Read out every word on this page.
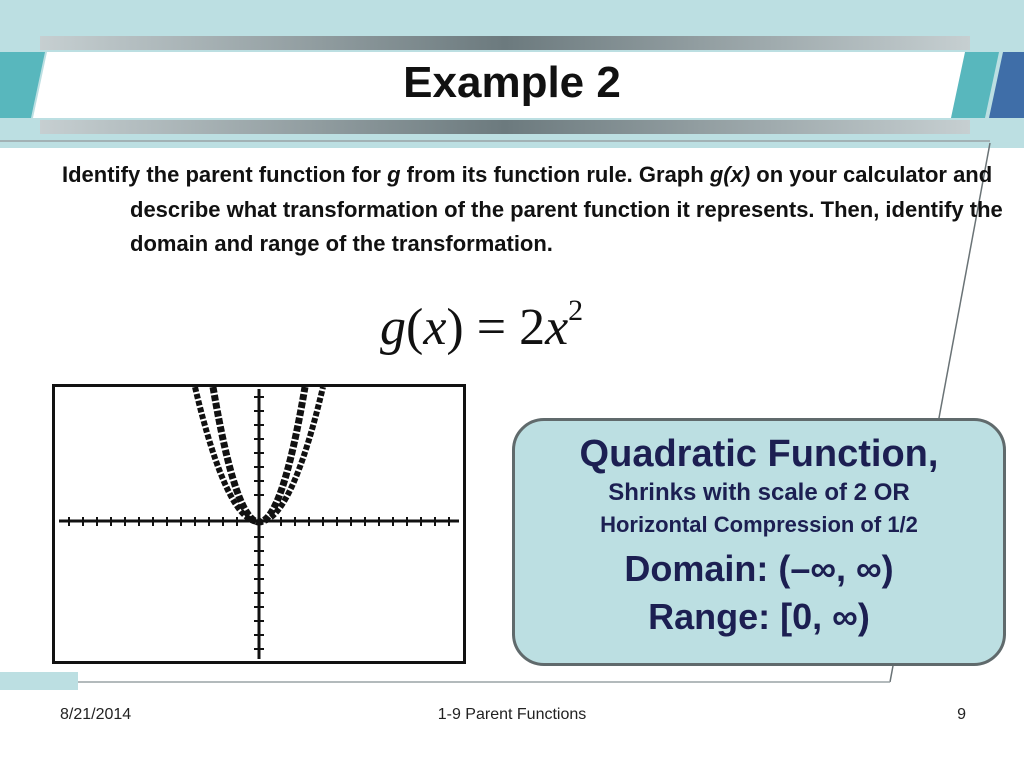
Example 2
Identify the parent function for g from its function rule. Graph g(x) on your calculator and describe what transformation of the parent function it represents. Then, identify the domain and range of the transformation.
$g(x) = 2x^2$
Quadratic Function,
Shrinks with scale of 2 OR
Horizontal Compression of 1/2
Domain: (–∞, ∞)
Range: [0, ∞)
8/21/2014	1-9 Parent Functions	9
